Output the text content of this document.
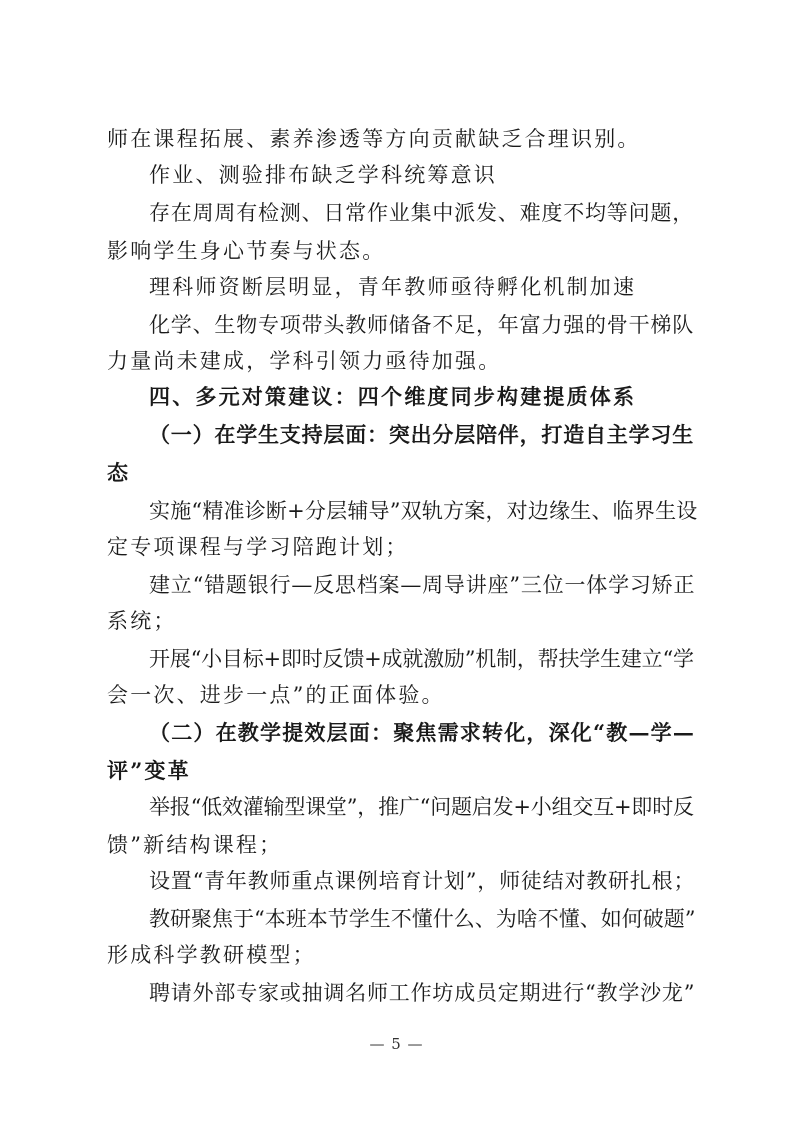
师在课程拓展、素养渗透等方向贡献缺乏合理识别。
作业、测验排布缺乏学科统筹意识
存在周周有检测、日常作业集中派发、难度不均等问题，
影响学生身心节奏与状态。
理科师资断层明显，青年教师亟待孵化机制加速
化学、生物专项带头教师储备不足，年富力强的骨干梯队
力量尚未建成，学科引领力亟待加强。
四、多元对策建议：四个维度同步构建提质体系
（一）在学生支持层面：突出分层陪伴，打造自主学习生
态
实施“精准诊断+分层辅导”双轨方案，对边缘生、临界生设
定专项课程与学习陪跑计划；
建立“错题银行—反思档案—周导讲座”三位一体学习矫正
系统；
开展“小目标+即时反馈+成就激励”机制，帮扶学生建立“学
会一次、进步一点”的正面体验。
（二）在教学提效层面：聚焦需求转化，深化“教—学—
评”变革
举报“低效灌输型课堂”，推广“问题启发+小组交互+即时反
馈”新结构课程；
设置“青年教师重点课例培育计划”，师徒结对教研扎根；
教研聚焦于“本班本节学生不懂什么、为啥不懂、如何破题”
形成科学教研模型；
聘请外部专家或抽调名师工作坊成员定期进行“教学沙龙”
— 5 —
